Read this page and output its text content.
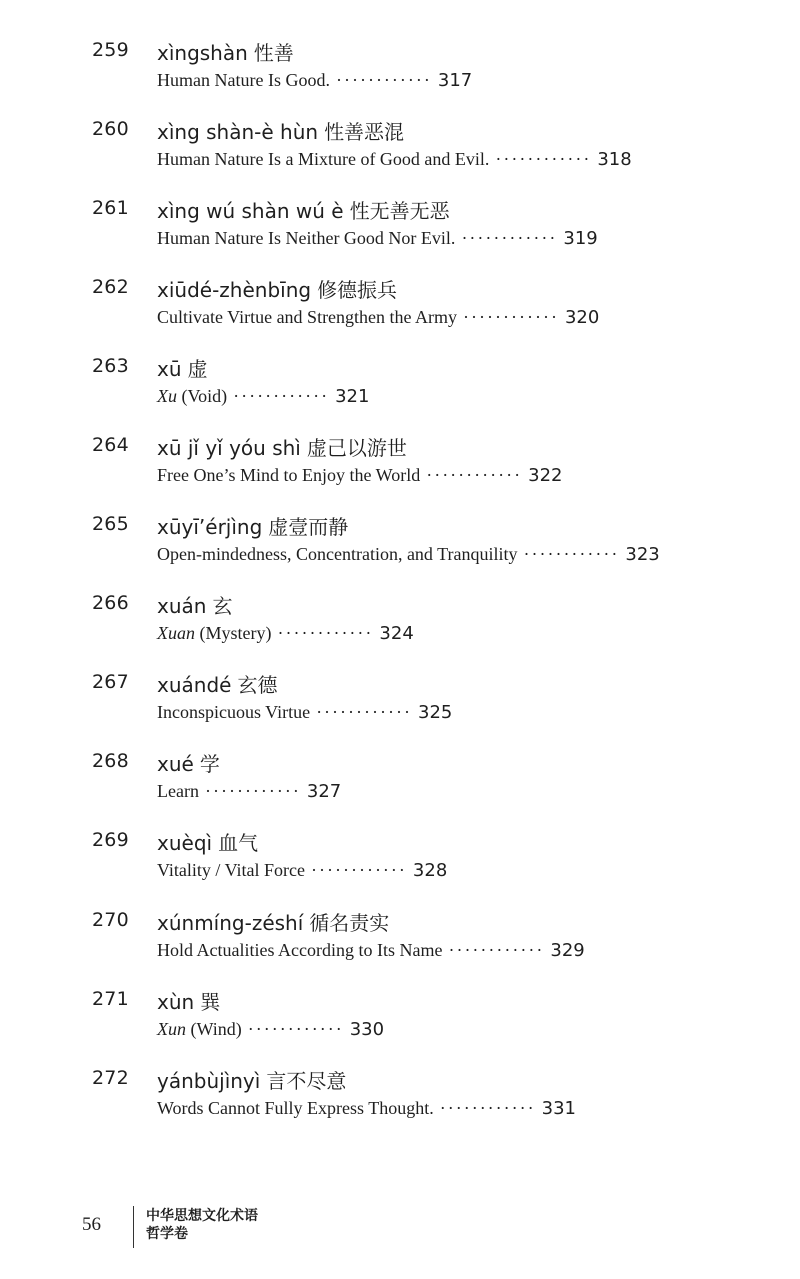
259 xìngshàn 性善
Human Nature Is Good. ············ 317
260 xìng shàn-è hùn 性善恶混
Human Nature Is a Mixture of Good and Evil. ············ 318
261 xìng wú shàn wú è 性无善无恶
Human Nature Is Neither Good Nor Evil. ············ 319
262 xiūdé-zhènbīng 修德振兵
Cultivate Virtue and Strengthen the Army ············ 320
263 xū 虚
Xu (Void) ············ 321
264 xū jǐ yǐ yóu shì 虚己以游世
Free One’s Mind to Enjoy the World ············ 322
265 xūyī’érjìng 虚壹而静
Open-mindedness, Concentration, and Tranquility ············ 323
266 xuán 玄
Xuan (Mystery) ············ 324
267 xuándé 玄德
Inconspicuous Virtue ············ 325
268 xué 学
Learn ············ 327
269 xuèqì 血气
Vitality / Vital Force ············ 328
270 xúnmíng-zéshí 循名责实
Hold Actualities According to Its Name ············ 329
271 xùn 巽
Xun (Wind) ············ 330
272 yánbùjìnyì 言不尽意
Words Cannot Fully Express Thought. ············ 331
56	中华思想文化术语
哲学卷
